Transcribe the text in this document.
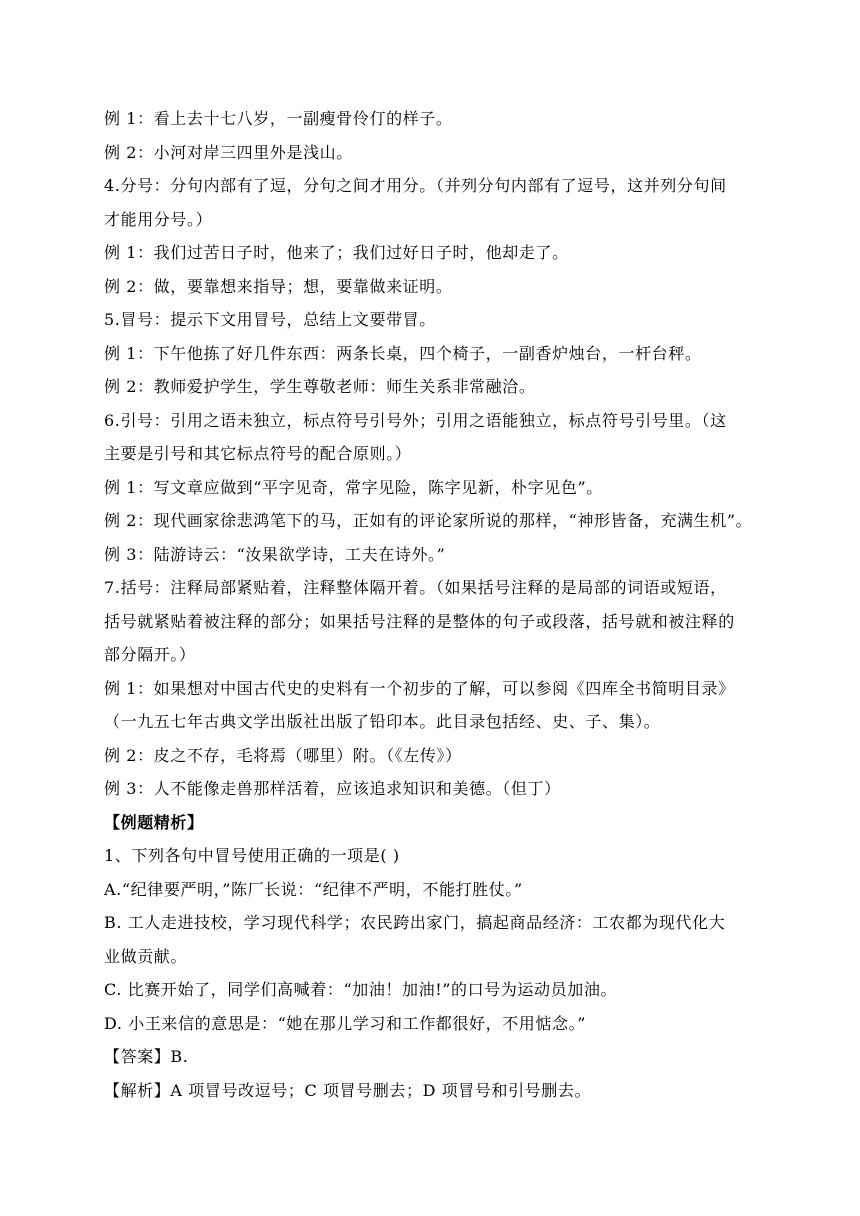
例 1：看上去十七八岁，一副瘦骨伶仃的样子。
例 2：小河对岸三四里外是浅山。
4.分号：分句内部有了逗，分句之间才用分。（并列分句内部有了逗号，这并列分句间
才能用分号。）
例 1：我们过苦日子时，他来了；我们过好日子时，他却走了。
例 2：做，要靠想来指导；想，要靠做来证明。
5.冒号：提示下文用冒号，总结上文要带冒。
例 1：下午他拣了好几件东西：两条长桌，四个椅子，一副香炉烛台，一杆台秤。
例 2：教师爱护学生，学生尊敬老师：师生关系非常融洽。
6.引号：引用之语未独立，标点符号引号外；引用之语能独立，标点符号引号里。（这
主要是引号和其它标点符号的配合原则。）
例 1：写文章应做到“平字见奇，常字见险，陈字见新，朴字见色”。
例 2：现代画家徐悲鸿笔下的马，正如有的评论家所说的那样，“神形皆备，充满生机”。
例 3：陆游诗云：“汝果欲学诗，工夫在诗外。”
7.括号：注释局部紧贴着，注释整体隔开着。（如果括号注释的是局部的词语或短语，
括号就紧贴着被注释的部分；如果括号注释的是整体的句子或段落，括号就和被注释的
部分隔开。）
例 1：如果想对中国古代史的史料有一个初步的了解，可以参阅《四库全书简明目录》
（一九五七年古典文学出版社出版了铅印本。此目录包括经、史、子、集）。
例 2：皮之不存，毛将焉（哪里）附。（《左传》）
例 3：人不能像走兽那样活着，应该追求知识和美德。（但丁）
【例题精析】
1、下列各句中冒号使用正确的一项是( )
A.“纪律要严明，”陈厂长说：“纪律不严明，不能打胜仗。”
B. 工人走进技校，学习现代科学；农民跨出家门，搞起商品经济：工农都为现代化大
业做贡献。
C. 比赛开始了，同学们高喊着：“加油！加油!”的口号为运动员加油。
D. 小王来信的意思是：“她在那儿学习和工作都很好，不用惦念。”
【答案】B.
【解析】A 项冒号改逗号；C 项冒号删去；D 项冒号和引号删去。
